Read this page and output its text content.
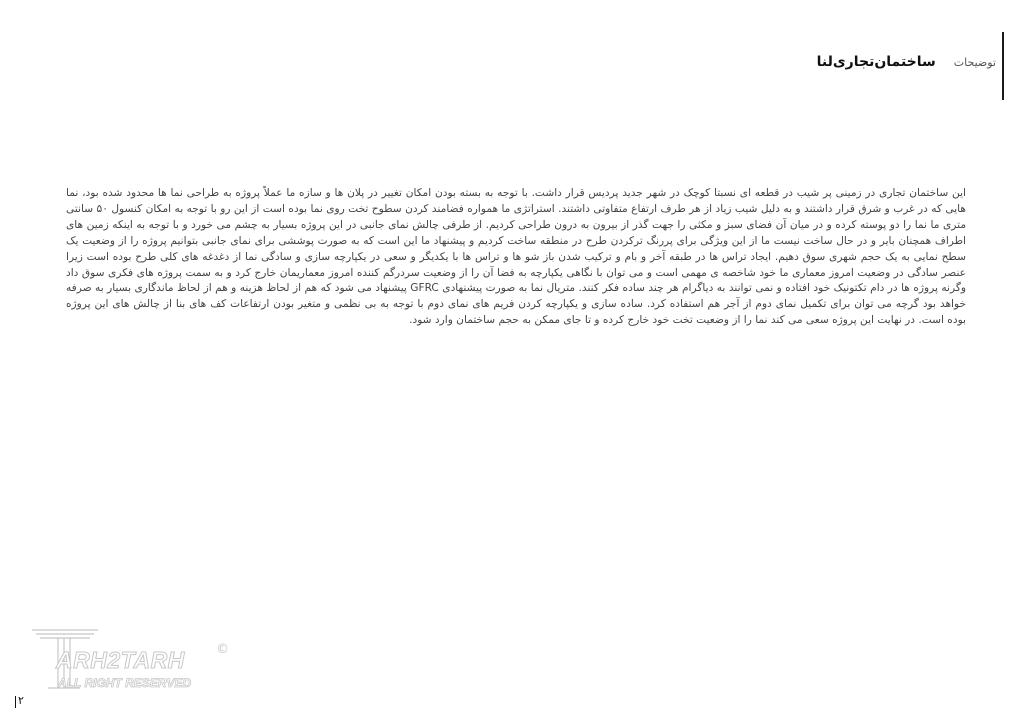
ساختمان‌تجاری‌لنا توضیحات

این ساختمان تجاری در زمینی پر شیب در قطعه ای نسبتا کوچک در شهر جدید پردیس قرار داشت. با توجه به بسته بودن امکان تغییر در پلان ها و سازه ما عملاً پروژه به طراحی نما ها محدود شده بود، نما هایی که در غرب و شرق قرار داشتند و به دلیل شیب زیاد از هر طرف ارتفاع متفاوتی داشتند. استراتژی ما همواره فضامند کردن سطوح تخت روی نما بوده است از این رو با توجه به امکان کنسول ۵۰ سانتی متری ما نما را دو پوسته کرده و در میان آن فضای سبز و مکثی را جهت گذر از بیرون به درون طراحی کردیم. از طرفی چالش نمای جانبی در این پروژه بسیار به چشم می خورد و با توجه به اینکه زمین های اطراف همچنان بایر و در حال ساخت نیست ما از این ویژگی برای پررنگ ترکردن طرح در منطقه ساخت کردیم و پیشنهاد ما این است که به صورت پوششی برای نمای جانبی بتوانیم پروژه را از وضعیت یک سطح نمایی به یک حجم شهری سوق دهیم. ایجاد تراس ها در طبقه آخر و بام و ترکیب شدن باز شو ها و تراس ها با یکدیگر و سعی در یکپارچه سازی و سادگی نما از دغدغه های کلی طرح بوده است زیرا عنصر سادگی در وضعیت امروز معماری ما خود شاخصه ی مهمی است و می توان با نگاهی یکپارچه به فضا آن را از وضعیت سردرگم کننده امروز معماریمان خارج کرد و به سمت پروژه های فکری سوق داد وگرنه پروژه ها در دام تکتونیک خود افتاده و نمی توانند به دیاگرام هر چند ساده فکر کنند. متریال نما به صورت پیشنهادی GFRC پیشنهاد می شود که هم از لحاظ هزینه و هم از لحاظ ماندگاری بسیار به صرفه خواهد بود گرچه می توان برای تکمیل نمای دوم از آجر هم استفاده کرد. ساده سازی و یکپارچه کردن فریم های نمای دوم با توجه به بی نظمی و متغیر بودن ارتفاعات کف های بنا از چالش های این پروژه بوده است. در نهایت این پروژه سعی می کند نما را از وضعیت تخت خود خارج کرده و تا جای ممکن به حجم ساختمان وارد شود.

ARH2TARH
ALL RIGHT RESERVED
©
۲
